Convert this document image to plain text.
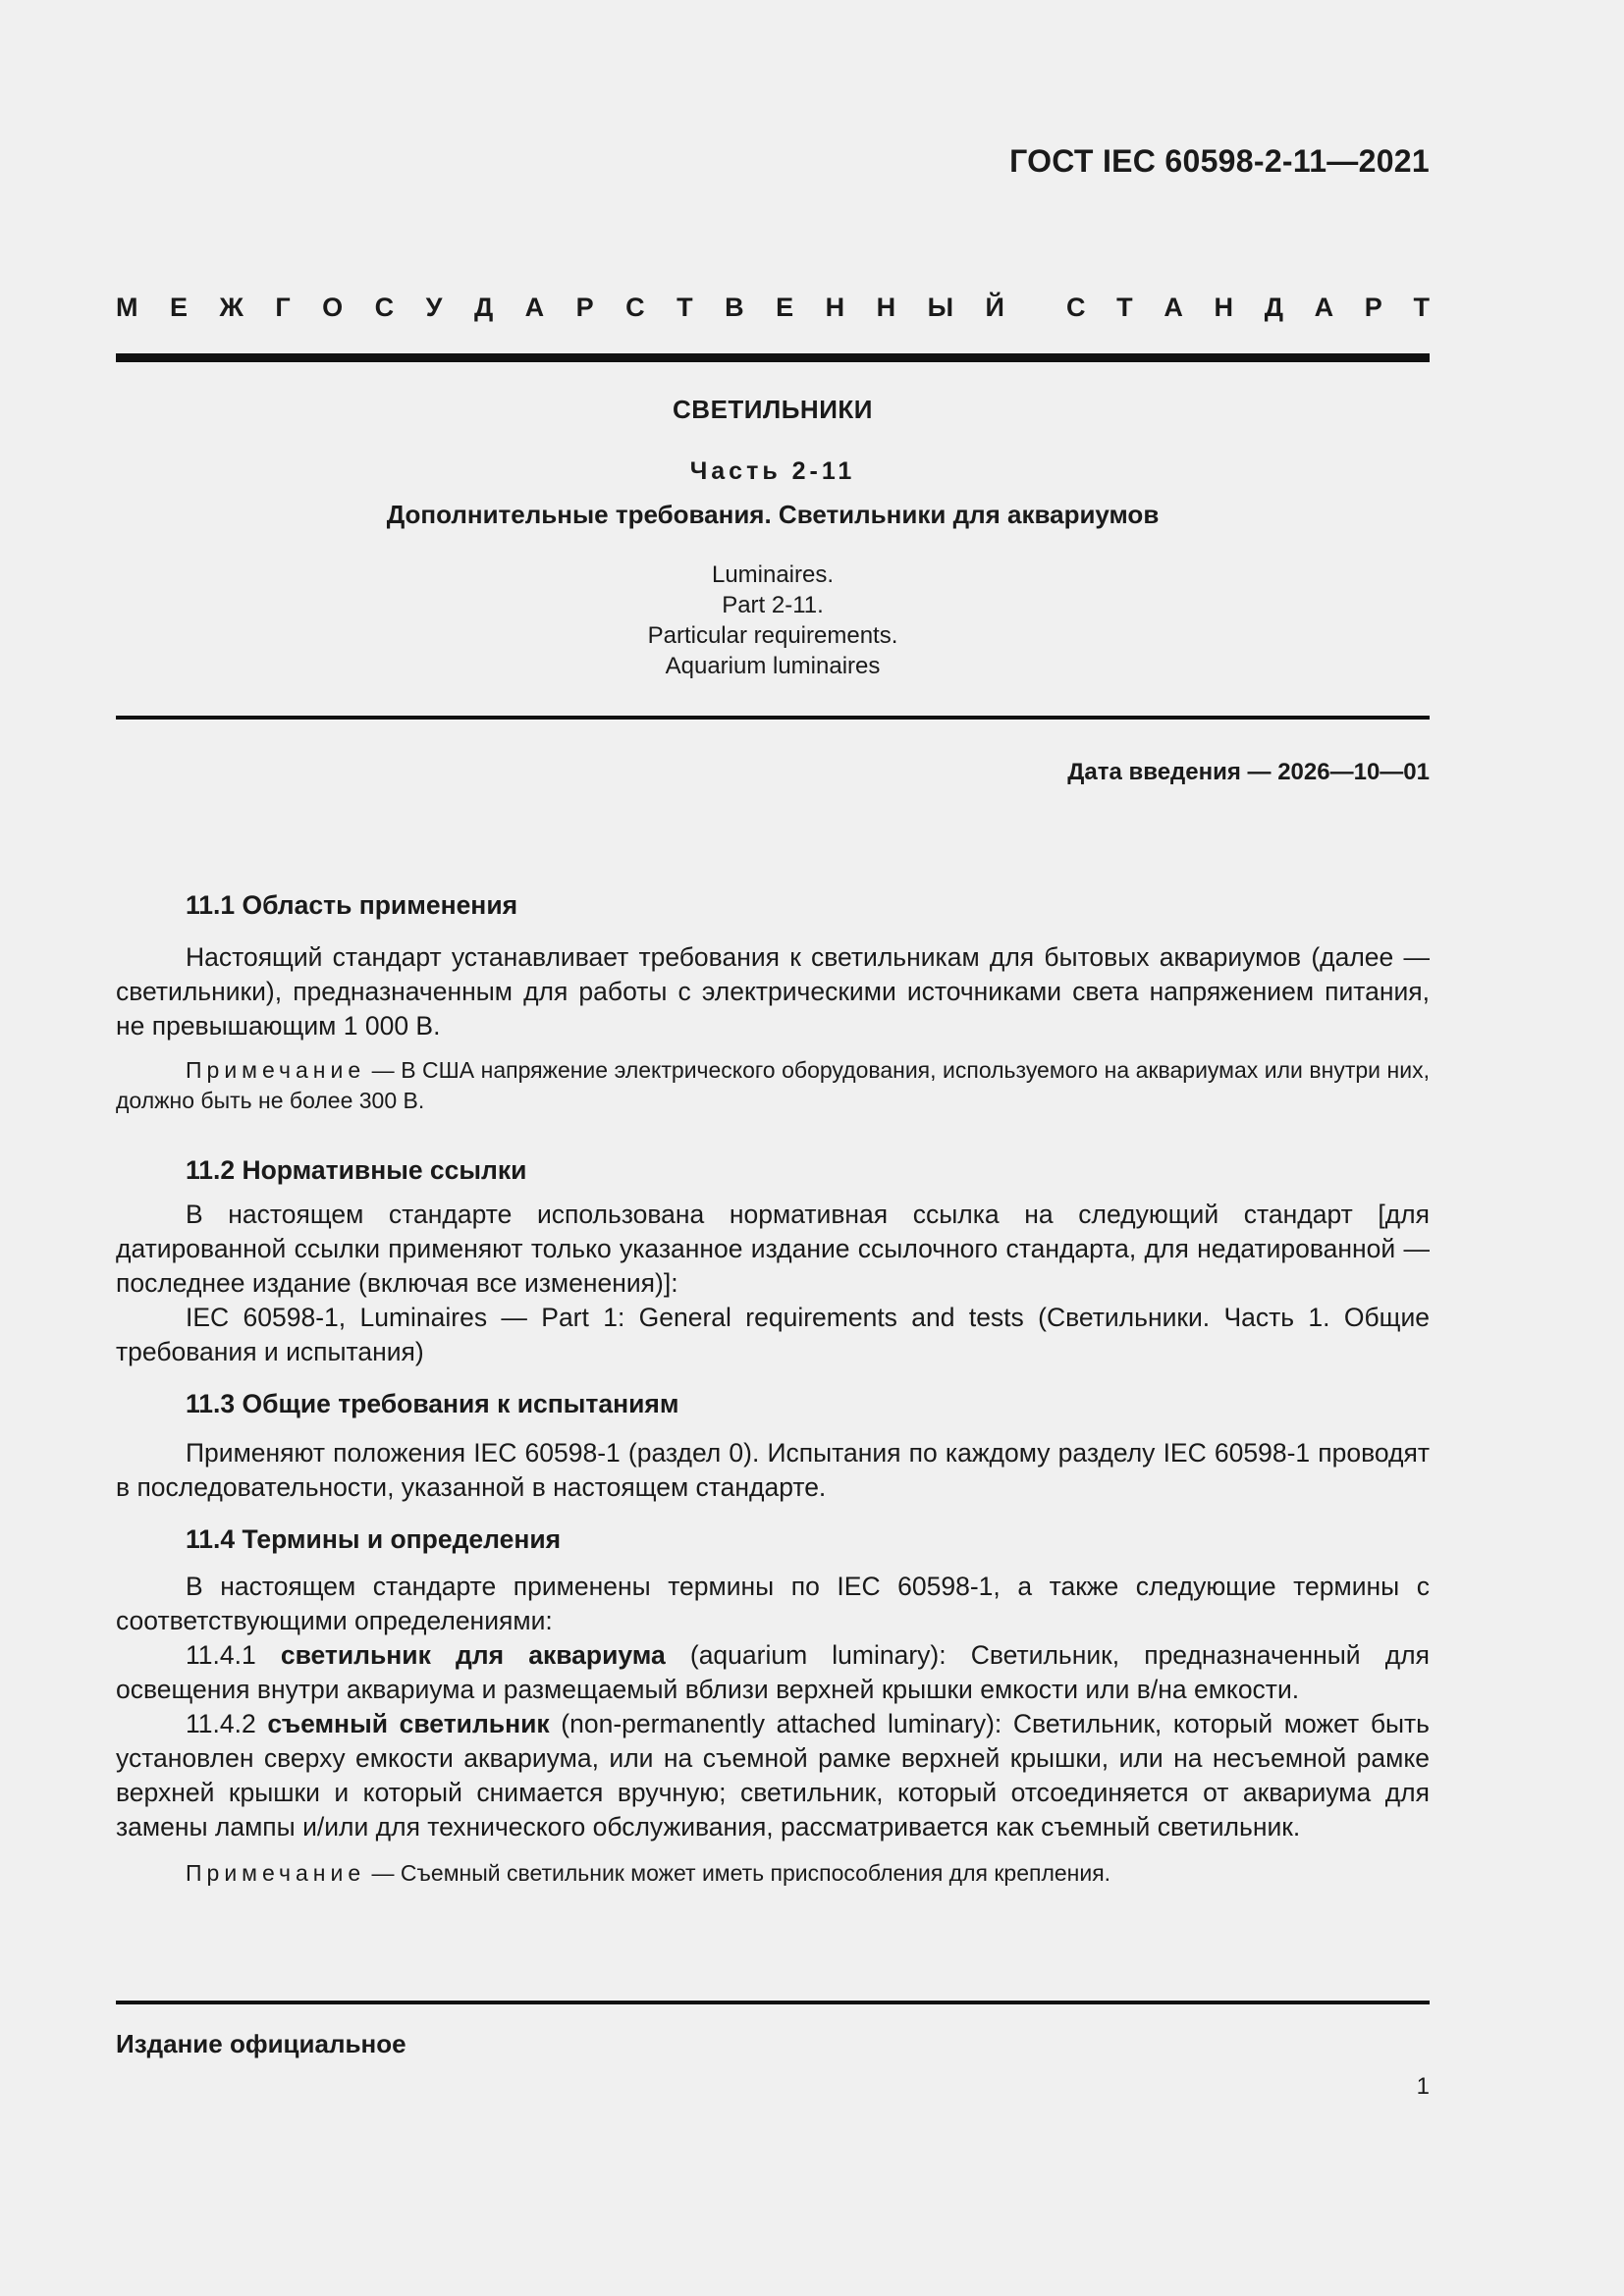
ГОСТ IEC 60598-2-11—2021
М Е Ж Г О С У Д А Р С Т В Е Н Н Ы Й С Т А Н Д А Р Т
СВЕТИЛЬНИКИ
Часть 2-11
Дополнительные требования. Светильники для аквариумов
Luminaires.
Part 2-11.
Particular requirements.
Aquarium luminaires
Дата введения — 2026—10—01
11.1 Область применения

Настоящий стандарт устанавливает требования к светильникам для бытовых аквариумов (далее — светильники), предназначенным для работы с электрическими источниками света напряжением питания, не превышающим 1 000 В.

Примечание — В США напряжение электрического оборудования, используемого на аквариумах или внутри них, должно быть не более 300 В.

11.2 Нормативные ссылки

В настоящем стандарте использована нормативная ссылка на следующий стандарт [для датированной ссылки применяют только указанное издание ссылочного стандарта, для недатированной — последнее издание (включая все изменения)]:

IEC 60598-1, Luminaires — Part 1: General requirements and tests (Светильники. Часть 1. Общие требования и испытания)

11.3 Общие требования к испытаниям

Применяют положения IEC 60598-1 (раздел 0). Испытания по каждому разделу IEC 60598-1 проводят в последовательности, указанной в настоящем стандарте.

11.4 Термины и определения

В настоящем стандарте применены термины по IEC 60598-1, а также следующие термины с соответствующими определениями:

11.4.1 светильник для аквариума (aquarium luminary): Светильник, предназначенный для освещения внутри аквариума и размещаемый вблизи верхней крышки емкости или в/на емкости.

11.4.2 съемный светильник (non-permanently attached luminary): Светильник, который может быть установлен сверху емкости аквариума, или на съемной рамке верхней крышки, или на несъемной рамке верхней крышки и который снимается вручную; светильник, который отсоединяется от аквариума для замены лампы и/или для технического обслуживания, рассматривается как съемный светильник.

Примечание — Съемный светильник может иметь приспособления для крепления.

Издание официальное
1
